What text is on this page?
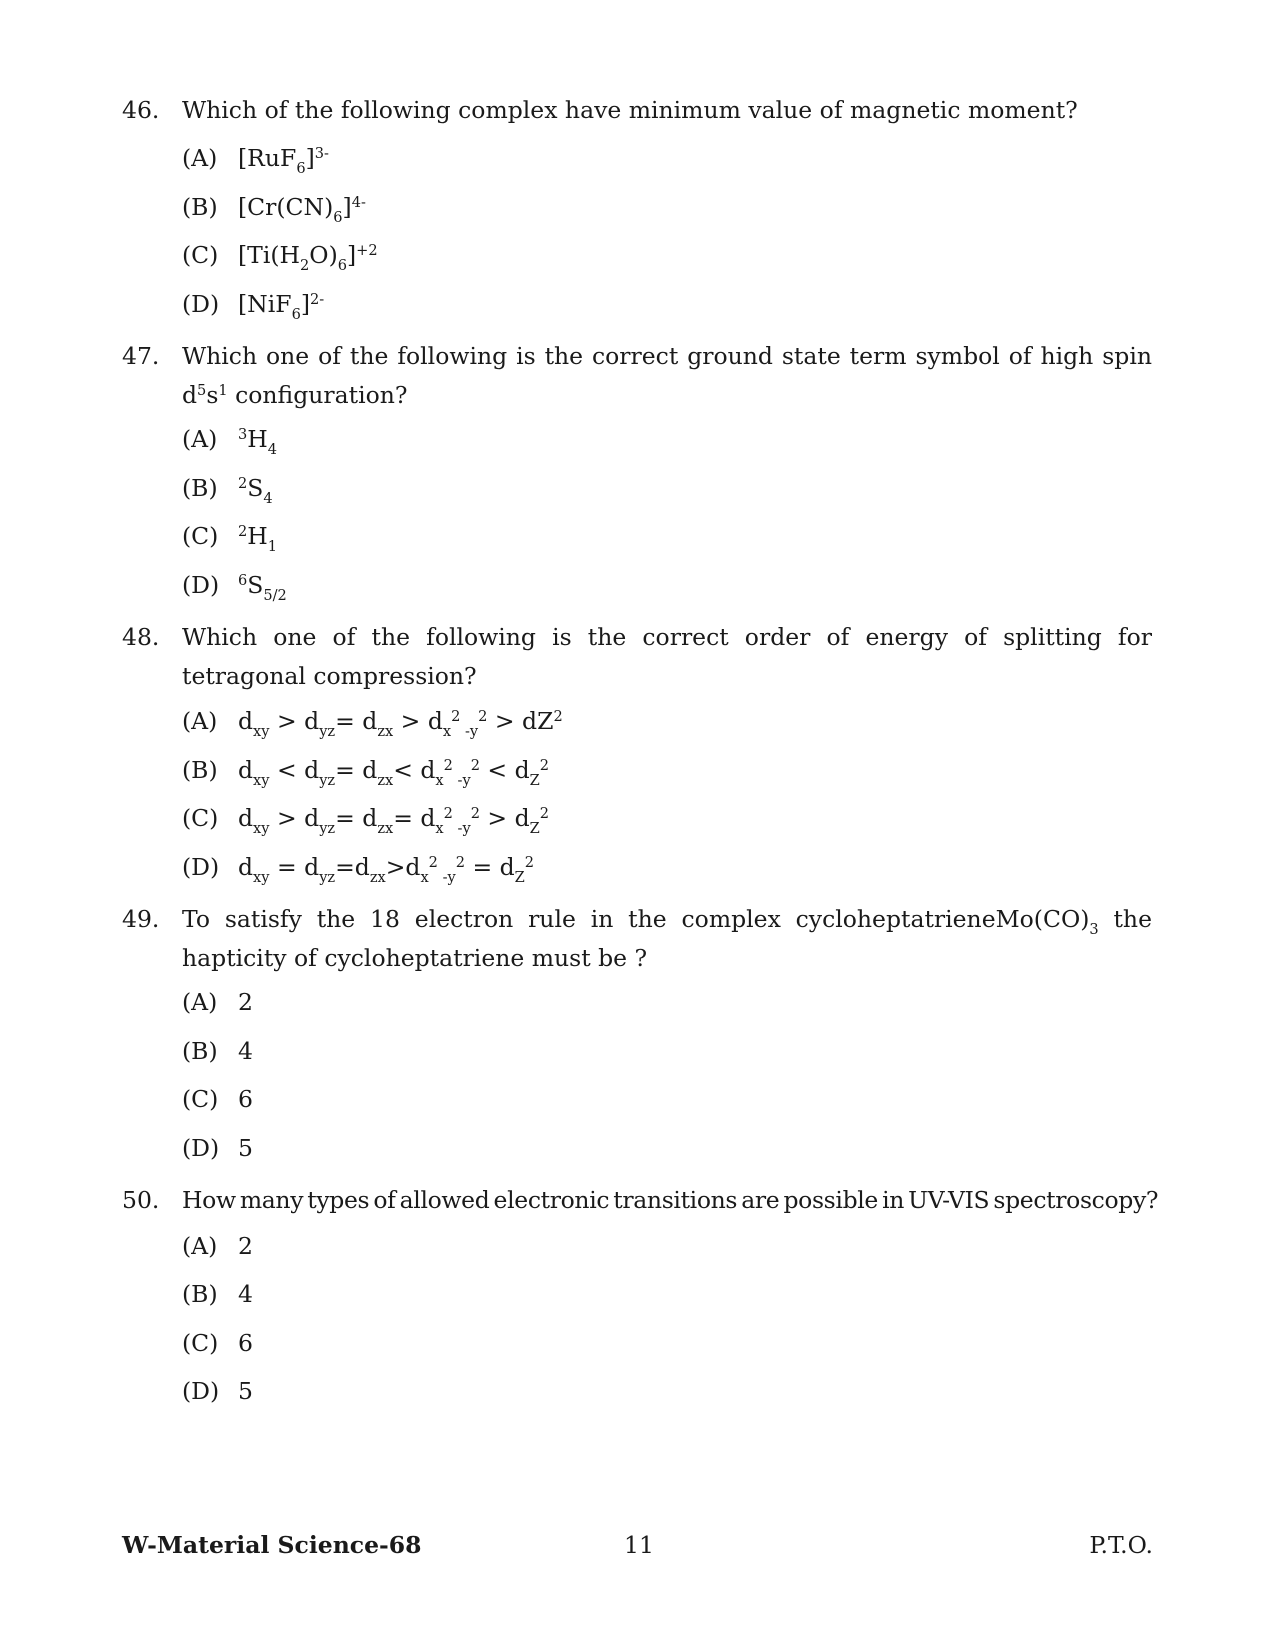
46. Which of the following complex have minimum value of magnetic moment?
(A) $[RuF_6]^{3-}$
(B) $[Cr(CN)_6]^{4-}$
(C) $[Ti(H_2O)_6]^{+2}$
(D) $[NiF_6]^{2-}$
47. Which one of the following is the correct ground state term symbol of high spin $d^5s^1$ configuration?
(A) $^3H_4$
(B) $^2S_4$
(C) $^2H_1$
(D) $^6S_{5/2}$
48. Which one of the following is the correct order of energy of splitting for tetragonal compression?
(A) $d_{xy} > d_{yz}= d_{zx} > d_x^2$ $_{-y}^2 > dZ^2$
(B) $d_{xy} < d_{yz}= d_{zx}< d_x^2$ $_{-y}^2 < d_Z^2$
(C) $d_{xy} > d_{yz}= d_{zx}= d_x^2$ $_{-y}^2 > d_Z^2$
(D) $d_{xy} = d_{yz}=d_{zx}>d_x^2$ $_{-y}^2 = d_Z^2$
49. To satisfy the 18 electron rule in the complex $cycloheptatrieneMo(CO)_3$ the hapticity of cycloheptatriene must be ?
(A) 2
(B) 4
(C) 6
(D) 5
50. How many types of allowed electronic transitions are possible in UV-VIS spectroscopy?
(A) 2
(B) 4
(C) 6
(D) 5
W-Material Science-68	11	P.T.O.
